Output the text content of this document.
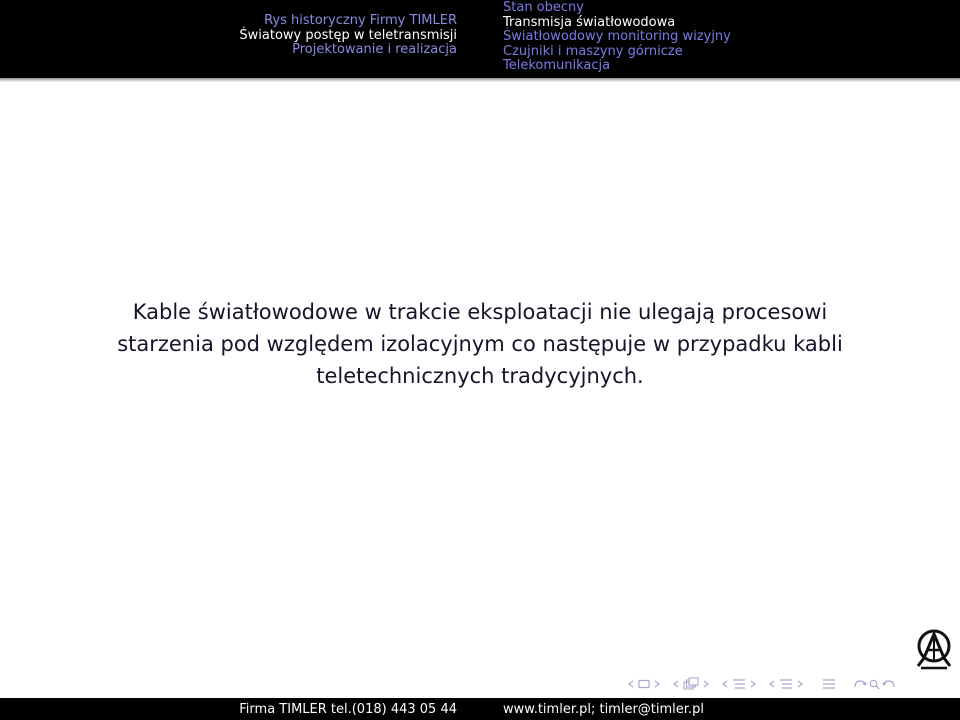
Rys historyczny Firmy TIMLER
Światowy postęp w teletransmisji
Projektowanie i realizacja
Stan obecny
Transmisja światłowodowa
Światłowodowy monitoring wizyjny
Czujniki i maszyny górnicze
Telekomunikacja

Kable światłowodowe w trakcie eksploatacji nie ulegają procesowi
starzenia pod względem izolacyjnym co następuje w przypadku kabli
teletechnicznych tradycyjnych.

Firma TIMLER tel.(018) 443 05 44	www.timler.pl; timler@timler.pl
